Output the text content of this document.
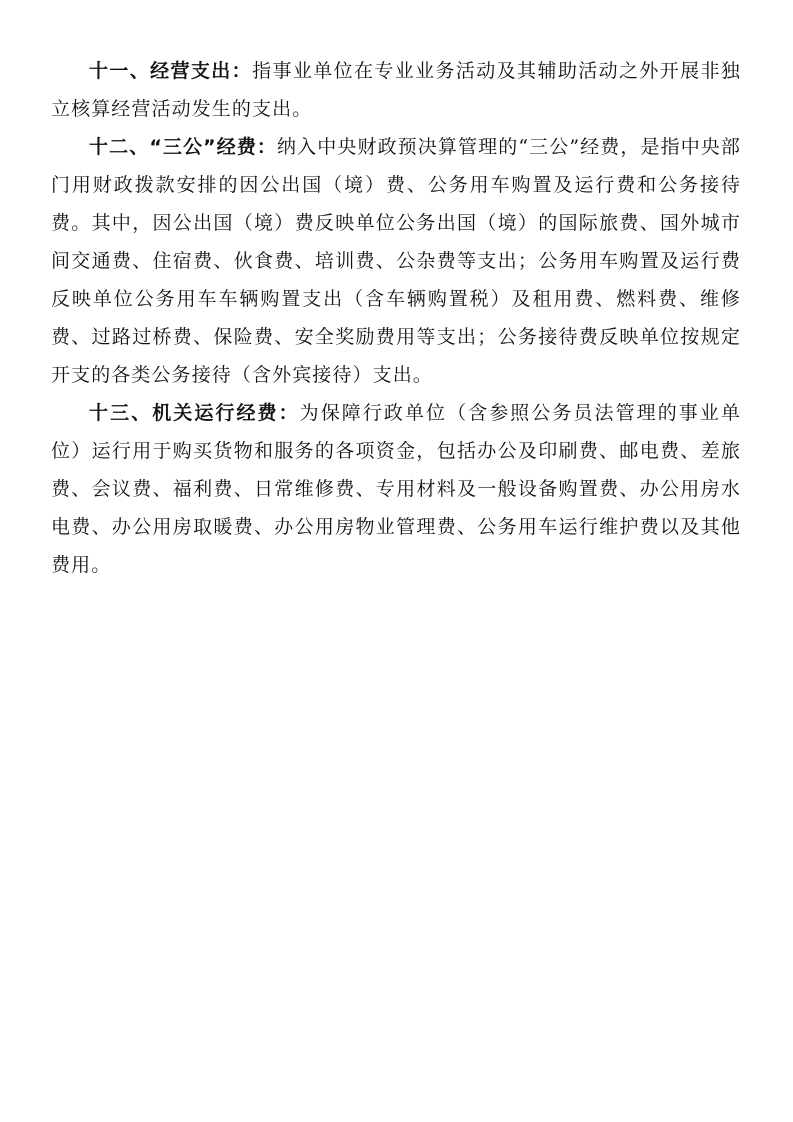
十一、经营支出：指事业单位在专业业务活动及其辅助活动之外开展非独立核算经营活动发生的支出。

十二、“三公”经费：纳入中央财政预决算管理的“三公”经费，是指中央部门用财政拨款安排的因公出国（境）费、公务用车购置及运行费和公务接待费。其中，因公出国（境）费反映单位公务出国（境）的国际旅费、国外城市间交通费、住宿费、伙食费、培训费、公杂费等支出；公务用车购置及运行费反映单位公务用车车辆购置支出（含车辆购置税）及租用费、燃料费、维修费、过路过桥费、保险费、安全奖励费用等支出；公务接待费反映单位按规定开支的各类公务接待（含外宾接待）支出。

十三、机关运行经费：为保障行政单位（含参照公务员法管理的事业单位）运行用于购买货物和服务的各项资金，包括办公及印刷费、邮电费、差旅费、会议费、福利费、日常维修费、专用材料及一般设备购置费、办公用房水电费、办公用房取暖费、办公用房物业管理费、公务用车运行维护费以及其他费用。
